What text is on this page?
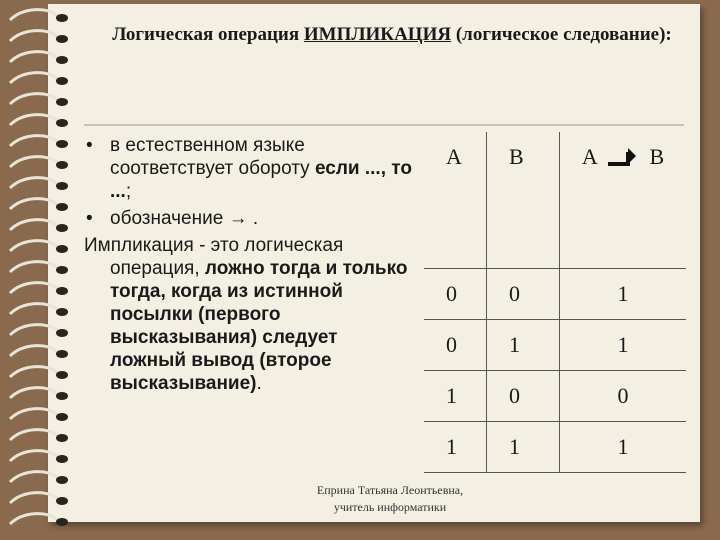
Логическая операция ИМПЛИКАЦИЯ (логическое следование):
• в естественном языке соответствует обороту если ..., то ...;
• обозначение → .
Импликация - это логическая операция, ложно тогда и только тогда, когда из истинной посылки (первого высказывания) следует ложный вывод (второе высказывание).
A	B	A B
0	0	1
0	1	1
1	0	0
1	1	1
Еприна Татьяна Леонтьевна,
учитель информатики
